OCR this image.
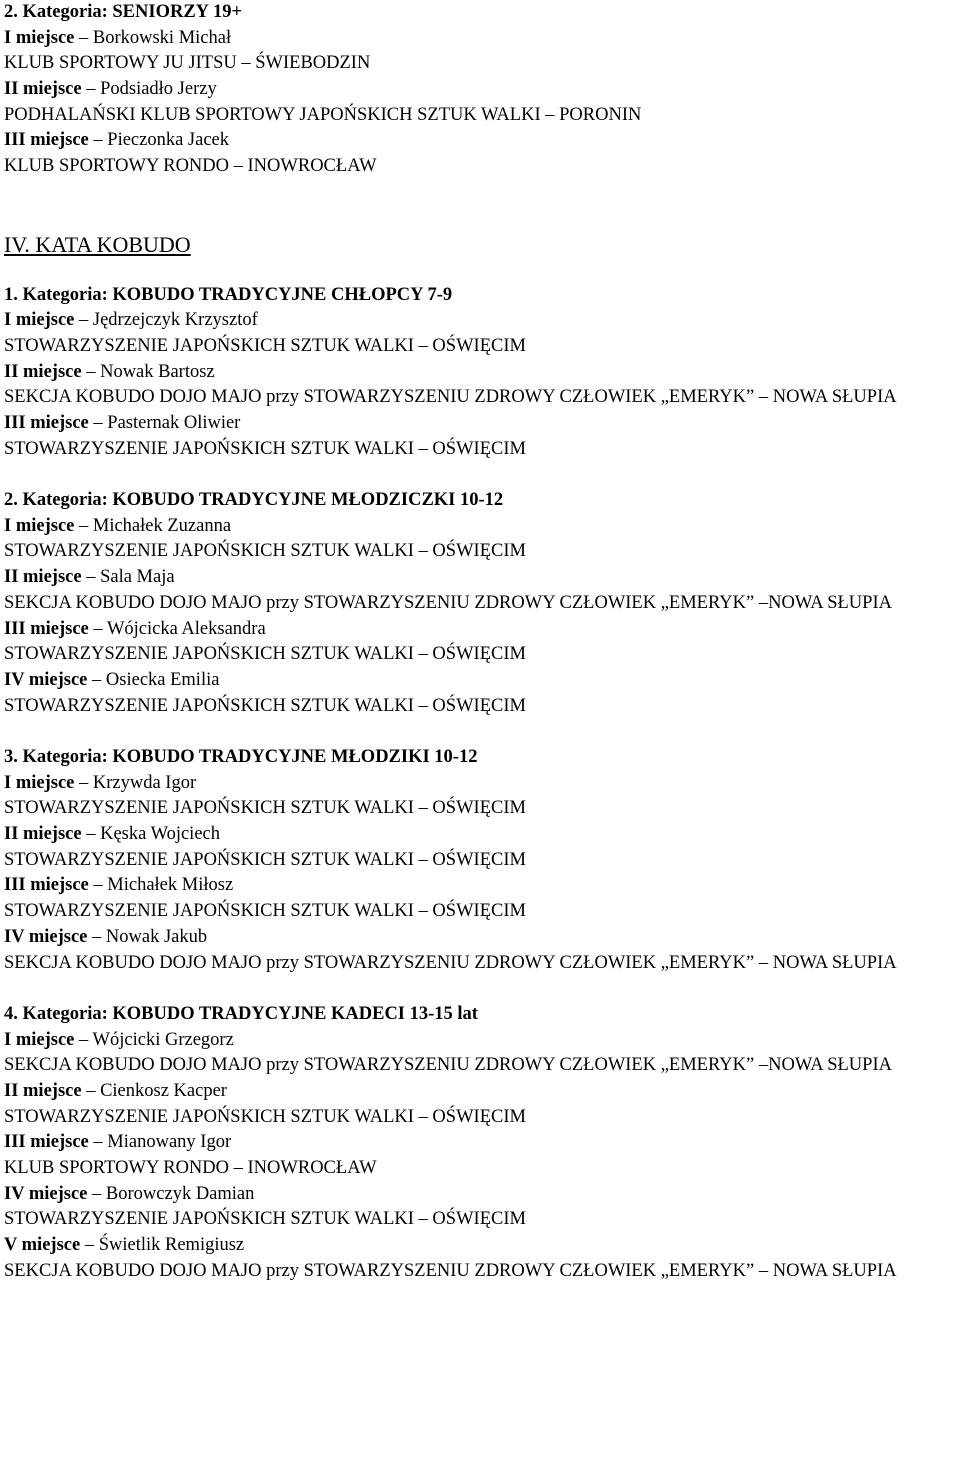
2. Kategoria: SENIORZY 19+
I miejsce – Borkowski Michał
KLUB SPORTOWY JU JITSU – ŚWIEBODZIN
II miejsce – Podsiadło Jerzy
PODHALAŃSKI KLUB SPORTOWY JAPOŃSKICH SZTUK WALKI – PORONIN
III miejsce – Pieczonka Jacek
KLUB SPORTOWY RONDO – INOWROCŁAW
IV. KATA KOBUDO
1. Kategoria: KOBUDO TRADYCYJNE CHŁOPCY 7-9
I miejsce – Jędrzejczyk Krzysztof
STOWARZYSZENIE JAPOŃSKICH SZTUK WALKI – OŚWIĘCIM
II miejsce – Nowak Bartosz
SEKCJA KOBUDO DOJO MAJO przy STOWARZYSZENIU ZDROWY CZŁOWIEK „EMERYK” – NOWA SŁUPIA
III miejsce – Pasternak Oliwier
STOWARZYSZENIE JAPOŃSKICH SZTUK WALKI – OŚWIĘCIM
2. Kategoria: KOBUDO TRADYCYJNE MŁODZICZKI 10-12
I miejsce – Michałek Zuzanna
STOWARZYSZENIE JAPOŃSKICH SZTUK WALKI – OŚWIĘCIM
II miejsce – Sala Maja
SEKCJA KOBUDO DOJO MAJO przy STOWARZYSZENIU ZDROWY CZŁOWIEK „EMERYK” –NOWA SŁUPIA
III miejsce – Wójcicka Aleksandra
STOWARZYSZENIE JAPOŃSKICH SZTUK WALKI – OŚWIĘCIM
IV miejsce – Osiecka Emilia
STOWARZYSZENIE JAPOŃSKICH SZTUK WALKI – OŚWIĘCIM
3. Kategoria: KOBUDO TRADYCYJNE MŁODZIKI 10-12
I miejsce – Krzywda Igor
STOWARZYSZENIE JAPOŃSKICH SZTUK WALKI – OŚWIĘCIM
II miejsce – Kęska Wojciech
STOWARZYSZENIE JAPOŃSKICH SZTUK WALKI – OŚWIĘCIM
III miejsce – Michałek Miłosz
STOWARZYSZENIE JAPOŃSKICH SZTUK WALKI – OŚWIĘCIM
IV miejsce – Nowak Jakub
SEKCJA KOBUDO DOJO MAJO przy STOWARZYSZENIU ZDROWY CZŁOWIEK „EMERYK” – NOWA SŁUPIA
4. Kategoria: KOBUDO TRADYCYJNE KADECI 13-15 lat
I miejsce – Wójcicki Grzegorz
SEKCJA KOBUDO DOJO MAJO przy STOWARZYSZENIU ZDROWY CZŁOWIEK „EMERYK” –NOWA SŁUPIA
II miejsce – Cienkosz Kacper
STOWARZYSZENIE JAPOŃSKICH SZTUK WALKI – OŚWIĘCIM
III miejsce – Mianowany Igor
KLUB SPORTOWY RONDO – INOWROCŁAW
IV miejsce – Borowczyk Damian
STOWARZYSZENIE JAPOŃSKICH SZTUK WALKI – OŚWIĘCIM
V miejsce – Świetlik Remigiusz
SEKCJA KOBUDO DOJO MAJO przy STOWARZYSZENIU ZDROWY CZŁOWIEK „EMERYK” – NOWA SŁUPIA
